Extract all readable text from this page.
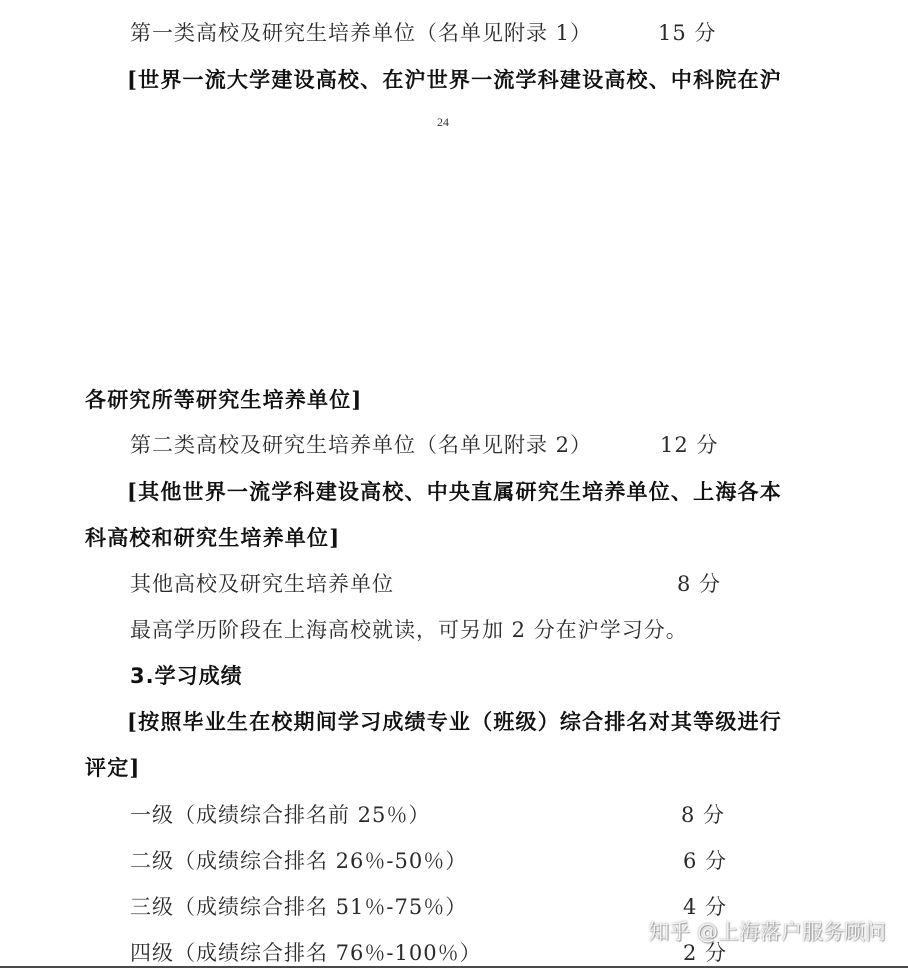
第一类高校及研究生培养单位（名单见附录 1）	15 分
[世界一流大学建设高校、在沪世界一流学科建设高校、中科院在沪
24
各研究所等研究生培养单位]
第二类高校及研究生培养单位（名单见附录 2）	12 分
[其他世界一流学科建设高校、中央直属研究生培养单位、上海各本
科高校和研究生培养单位]
其他高校及研究生培养单位	8 分
最高学历阶段在上海高校就读，可另加 2 分在沪学习分。
3.学习成绩
[按照毕业生在校期间学习成绩专业（班级）综合排名对其等级进行
评定]
一级（成绩综合排名前 25％）	8 分
二级（成绩综合排名 26％-50％）	6 分
三级（成绩综合排名 51％-75％）	4 分
四级（成绩综合排名 76％-100％）	2 分
知乎 @上海落户服务顾问
